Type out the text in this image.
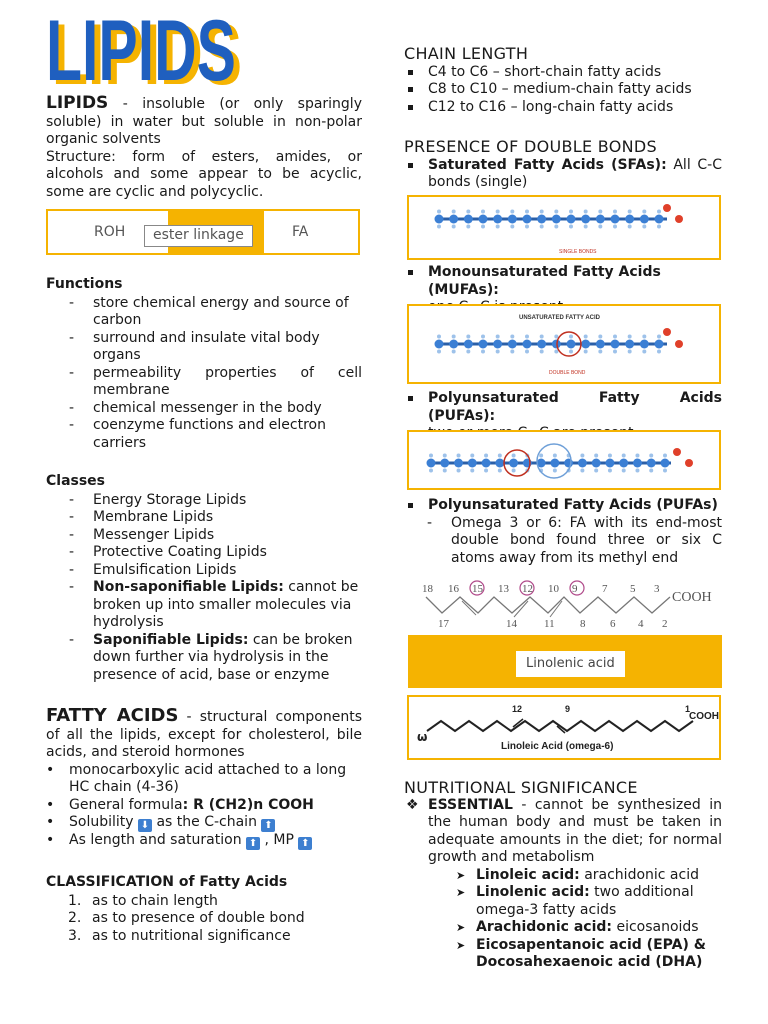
LIPIDS
LIPIDS
LIPIDS - insoluble (or only sparingly soluble) in water but soluble in non-polar organic solvents
Structure: form of esters, amides, or alcohols and some appear to be acyclic, some are cyclic and polycyclic.
ROH	ester linkage	FA
Functions
- store chemical energy and source of carbon
- surround and insulate vital body organs
- permeability properties of cell membrane
- chemical messenger in the body
- coenzyme functions and electron carriers
Classes
- Energy Storage Lipids
- Membrane Lipids
- Messenger Lipids
- Protective Coating Lipids
- Emulsification Lipids
- Non-saponifiable Lipids: cannot be broken up into smaller molecules via hydrolysis
- Saponifiable Lipids: can be broken down further via hydrolysis in the presence of acid, base or enzyme
FATTY ACIDS - structural components of all the lipids, except for cholesterol, bile acids, and steroid hormones
• monocarboxylic acid attached to a long HC chain (4-36)
• General formula: R (CH2)n COOH
• Solubility ⬇ as the C-chain ⬆
• As length and saturation ⬆ , MP ⬆
CLASSIFICATION of Fatty Acids
1. as to chain length
2. as to presence of double bond
3. as to nutritional significance
CHAIN LENGTH
C4 to C6 – short-chain fatty acids
C8 to C10 – medium-chain fatty acids
C12 to C16 – long-chain fatty acids
PRESENCE OF DOUBLE BONDS
Saturated Fatty Acids (SFAs): All C-C bonds (single)
SINGLE BONDS
Monounsaturated Fatty Acids (MUFAs):

UNSATURATED FATTY ACID
DOUBLE BOND
Polyunsaturated Fatty Acids (PUFAs):

Polyunsaturated Fatty Acids (PUFAs)
- Omega 3 or 6: FA with its end-most double bond found three or six C atoms away from its methyl end
18 16 15 13 12 10 9 7 5 3
17	14 11 8 6 4 2
COOH
Linolenic acid
12	9	1
COOH
ω
Linoleic Acid (omega-6)
NUTRITIONAL SIGNIFICANCE
❖ ESSENTIAL - cannot be synthesized in the human body and must be taken in adequate amounts in the diet; for normal growth and metabolism
➤ Linoleic acid: arachidonic acid
➤ Linolenic acid: two additional omega-3 fatty acids
➤ Arachidonic acid: eicosanoids
➤ Eicosapentanoic acid (EPA) & Docosahexaenoic acid (DHA)
